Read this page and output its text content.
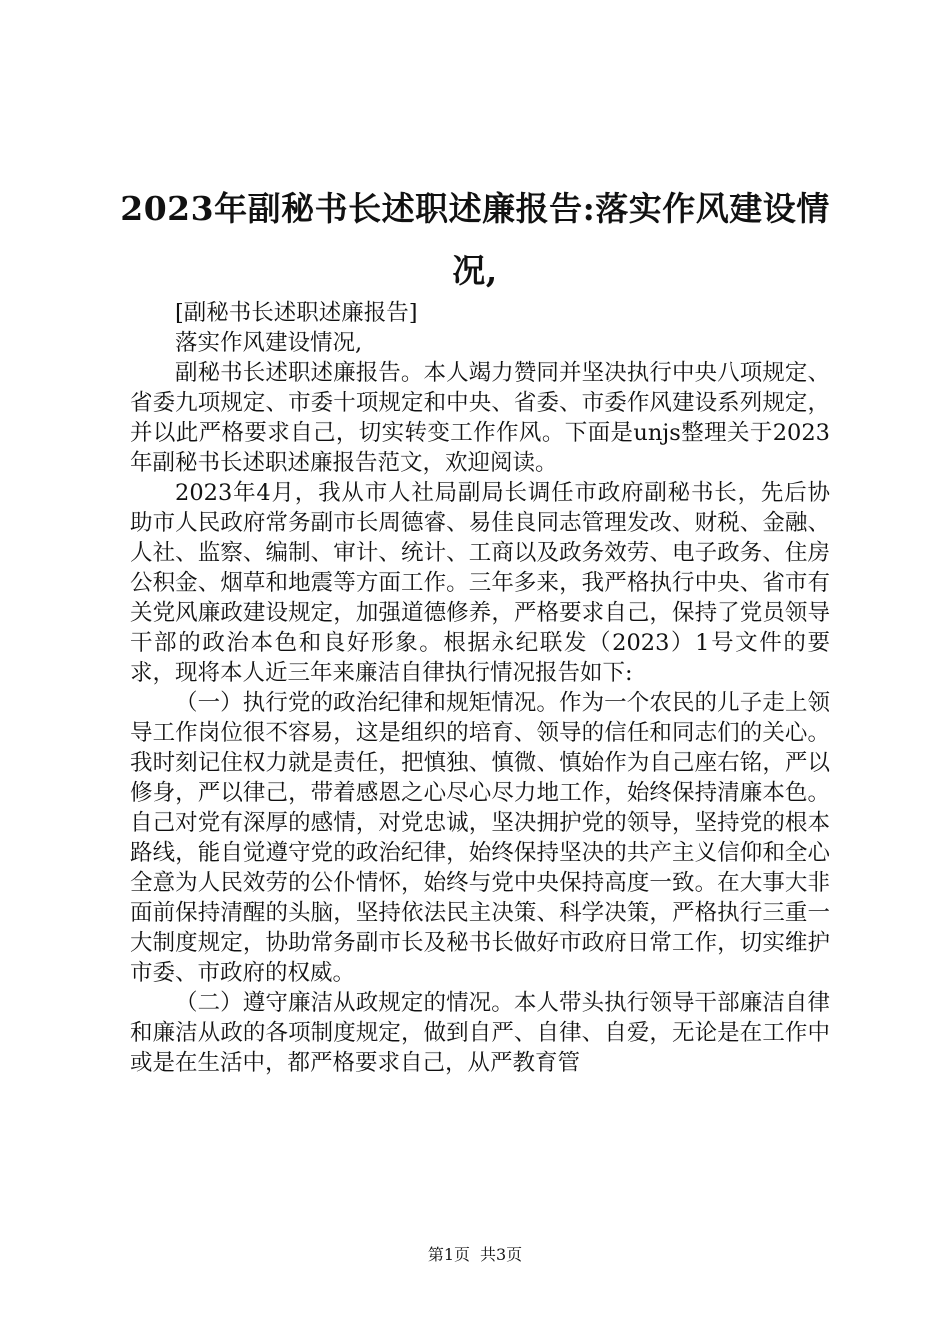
2023年副秘书长述职述廉报告:落实作风建设情况,

[副秘书长述职述廉报告]

落实作风建设情况,

副秘书长述职述廉报告。本人竭力赞同并坚决执行中央八项规定、省委九项规定、市委十项规定和中央、省委、市委作风建设系列规定，并以此严格要求自己，切实转变工作作风。下面是unjs整理关于2023年副秘书长述职述廉报告范文，欢迎阅读。

2023年4月，我从市人社局副局长调任市政府副秘书长，先后协助市人民政府常务副市长周德睿、易佳良同志管理发改、财税、金融、人社、监察、编制、审计、统计、工商以及政务效劳、电子政务、住房公积金、烟草和地震等方面工作。三年多来，我严格执行中央、省市有关党风廉政建设规定，加强道德修养，严格要求自己，保持了党员领导干部的政治本色和良好形象。根据永纪联发（2023）1号文件的要求，现将本人近三年来廉洁自律执行情况报告如下:

（一）执行党的政治纪律和规矩情况。作为一个农民的儿子走上领导工作岗位很不容易，这是组织的培育、领导的信任和同志们的关心。我时刻记住权力就是责任，把慎独、慎微、慎始作为自己座右铭，严以修身，严以律己，带着感恩之心尽心尽力地工作，始终保持清廉本色。自己对党有深厚的感情，对党忠诚，坚决拥护党的领导，坚持党的根本路线，能自觉遵守党的政治纪律，始终保持坚决的共产主义信仰和全心全意为人民效劳的公仆情怀，始终与党中央保持高度一致。在大事大非面前保持清醒的头脑，坚持依法民主决策、科学决策，严格执行三重一大制度规定，协助常务副市长及秘书长做好市政府日常工作，切实维护市委、市政府的权威。

（二）遵守廉洁从政规定的情况。本人带头执行领导干部廉洁自律和廉洁从政的各项制度规定，做到自严、自律、自爱，无论是在工作中或是在生活中，都严格要求自己，从严教育管

第1页 共3页
